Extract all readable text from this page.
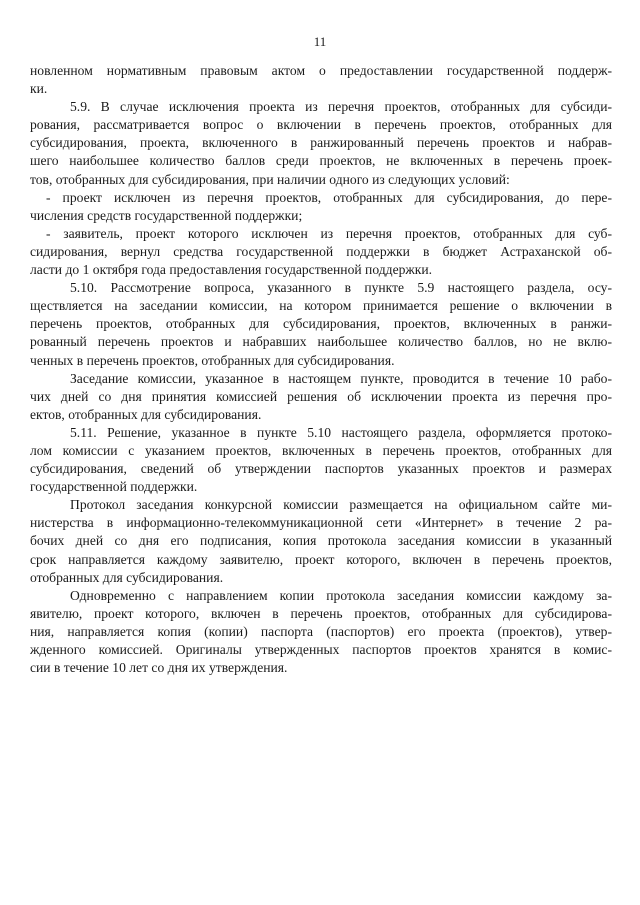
11
новленном нормативным правовым актом о предоставлении государственной поддерж-
ки.
5.9. В случае исключения проекта из перечня проектов, отобранных для субсиди-
рования, рассматривается вопрос о включении в перечень проектов, отобранных для
субсидирования, проекта, включенного в ранжированный перечень проектов и набрав-
шего наибольшее количество баллов среди проектов, не включенных в перечень проек-
тов, отобранных для субсидирования, при наличии одного из следующих условий:
- проект исключен из перечня проектов, отобранных для субсидирования, до пере-
числения средств государственной поддержки;
- заявитель, проект которого исключен из перечня проектов, отобранных для суб-
сидирования, вернул средства государственной поддержки в бюджет Астраханской об-
ласти до 1 октября года предоставления государственной поддержки.
5.10. Рассмотрение вопроса, указанного в пункте 5.9 настоящего раздела, осу-
ществляется на заседании комиссии, на котором принимается решение о включении в
перечень проектов, отобранных для субсидирования, проектов, включенных в ранжи-
рованный перечень проектов и набравших наибольшее количество баллов, но не вклю-
ченных в перечень проектов, отобранных для субсидирования.
Заседание комиссии, указанное в настоящем пункте, проводится в течение 10 рабо-
чих дней со дня принятия комиссией решения об исключении проекта из перечня про-
ектов, отобранных для субсидирования.
5.11. Решение, указанное в пункте 5.10 настоящего раздела, оформляется протоко-
лом комиссии с указанием проектов, включенных в перечень проектов, отобранных для
субсидирования, сведений об утверждении паспортов указанных проектов и размерах
государственной поддержки.
Протокол заседания конкурсной комиссии размещается на официальном сайте ми-
нистерства в информационно-телекоммуникационной сети «Интернет» в течение 2 ра-
бочих дней со дня его подписания, копия протокола заседания комиссии в указанный
срок направляется каждому заявителю, проект которого, включен в перечень проектов,
отобранных для субсидирования.
Одновременно с направлением копии протокола заседания комиссии каждому за-
явителю, проект которого, включен в перечень проектов, отобранных для субсидирова-
ния, направляется копия (копии) паспорта (паспортов) его проекта (проектов), утвер-
жденного комиссией. Оригиналы утвержденных паспортов проектов хранятся в комис-
сии в течение 10 лет со дня их утверждения.
